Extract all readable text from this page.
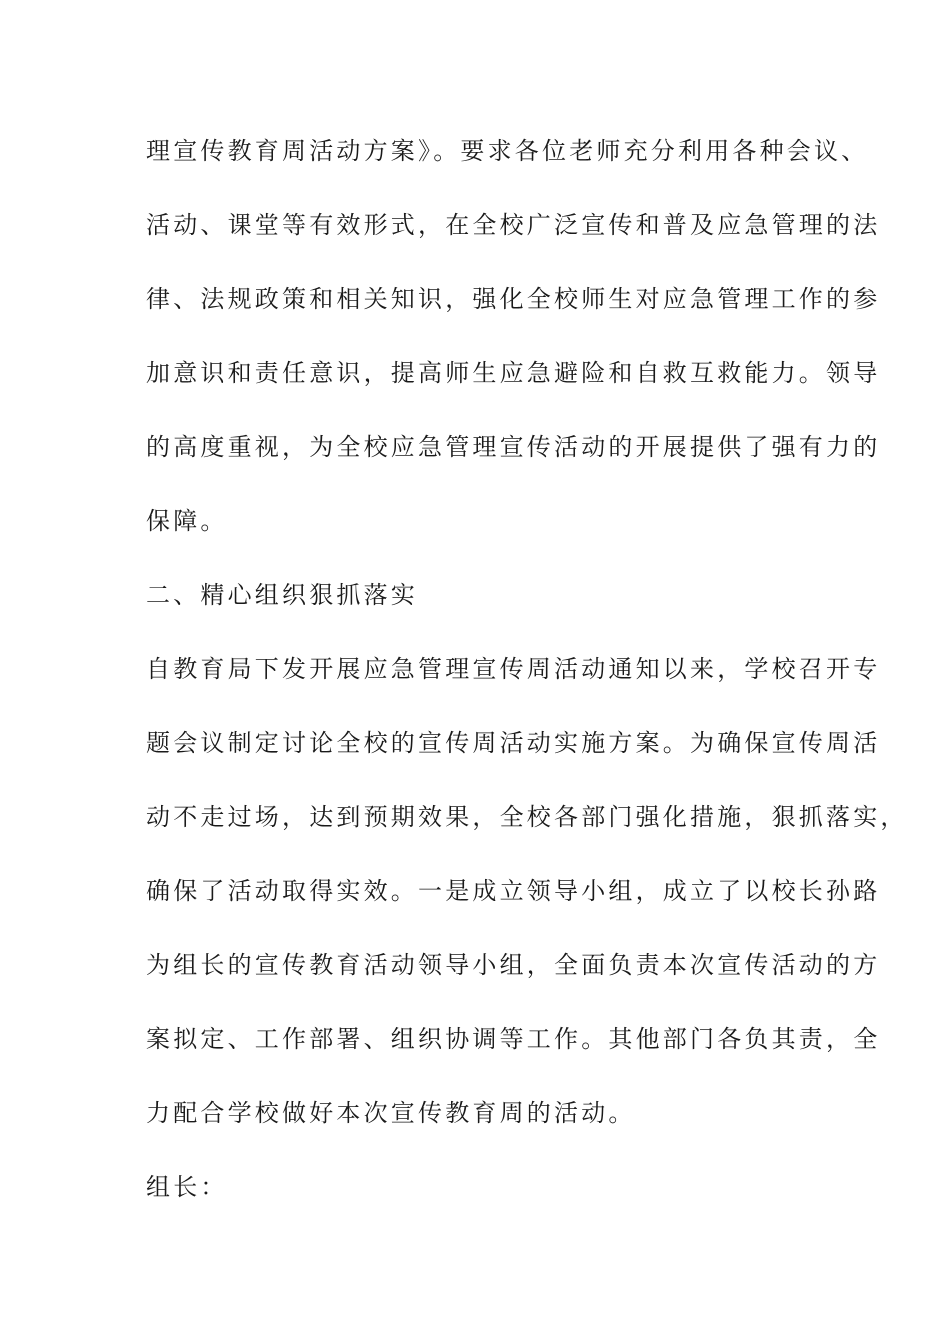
理宣传教育周活动方案》。要求各位老师充分利用各种会议、

活动、课堂等有效形式，在全校广泛宣传和普及应急管理的法

律、法规政策和相关知识，强化全校师生对应急管理工作的参

加意识和责任意识，提高师生应急避险和自救互救能力。领导

的高度重视，为全校应急管理宣传活动的开展提供了强有力的

保障。

二、精心组织狠抓落实

自教育局下发开展应急管理宣传周活动通知以来，学校召开专

题会议制定讨论全校的宣传周活动实施方案。为确保宣传周活

动不走过场，达到预期效果，全校各部门强化措施，狠抓落实，

确保了活动取得实效。一是成立领导小组，成立了以校长孙路

为组长的宣传教育活动领导小组，全面负责本次宣传活动的方

案拟定、工作部署、组织协调等工作。其他部门各负其责，全

力配合学校做好本次宣传教育周的活动。

组长：
